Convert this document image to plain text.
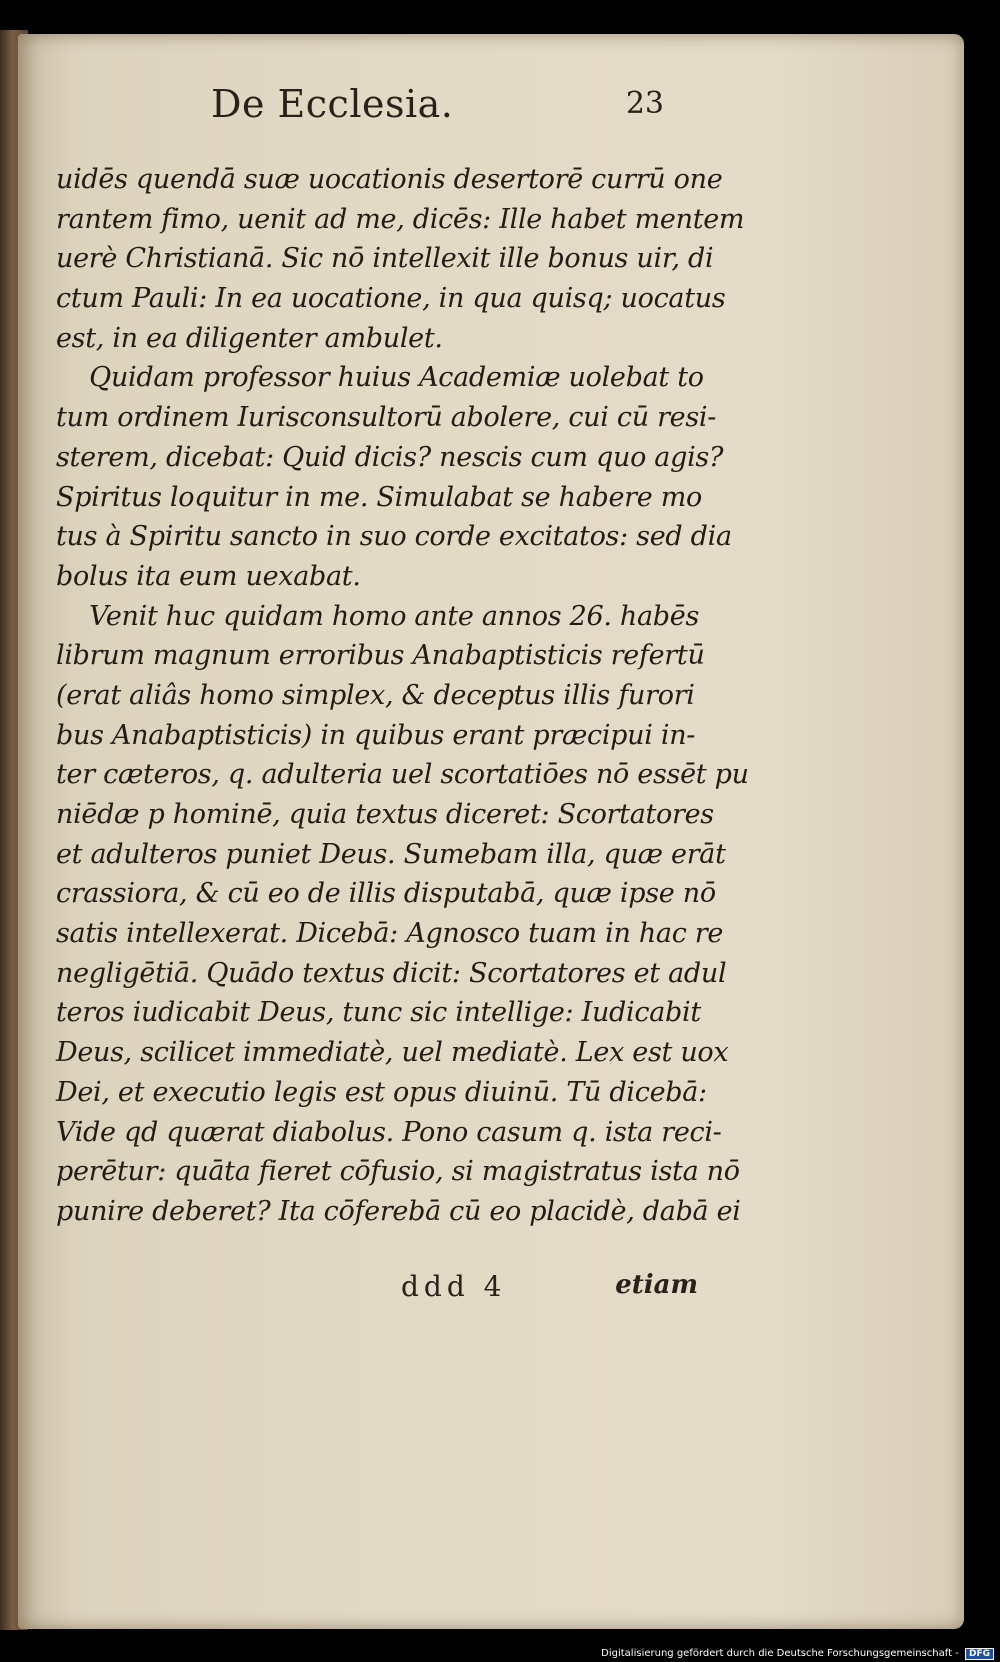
De Ecclesia.	23
uidēs quendā suæ uocationis desertorē currū one
rantem fimo, uenit ad me, dicēs: Ille habet mentem
uerè Christianā. Sic nō intellexit ille bonus uir, di
ctum Pauli: In ea uocatione, in qua quisq; uocatus
est, in ea diligenter ambulet.
Quidam professor huius Academiæ uolebat to
tum ordinem Iurisconsultorū abolere, cui cū resi-
sterem, dicebat: Quid dicis? nescis cum quo agis?
Spiritus loquitur in me. Simulabat se habere mo
tus à Spiritu sancto in suo corde excitatos: sed dia
bolus ita eum uexabat.
Venit huc quidam homo ante annos 26. habēs
librum magnum erroribus Anabaptisticis refertū
(erat aliâs homo simplex, & deceptus illis furori
bus Anabaptisticis) in quibus erant præcipui in-
ter cæteros, q. adulteria uel scortatiōes nō essēt pu
niēdæ p hominē, quia textus diceret: Scortatores
et adulteros puniet Deus. Sumebam illa, quæ erāt
crassiora, & cū eo de illis disputabā, quæ ipse nō
satis intellexerat. Dicebā: Agnosco tuam in hac re
negligētiā. Quādo textus dicit: Scortatores et adul
teros iudicabit Deus, tunc sic intellige: Iudicabit
Deus, scilicet immediatè, uel mediatè. Lex est uox
Dei, et executio legis est opus diuinū. Tū dicebā:
Vide qd quærat diabolus. Pono casum q. ista reci-
perētur: quāta fieret cōfusio, si magistratus ista nō
punire deberet? Ita cōferebā cū eo placidè, dabā ei
ddd 4	etiam
Digitalisierung gefördert durch die Deutsche Forschungsgemeinschaft - DFG
